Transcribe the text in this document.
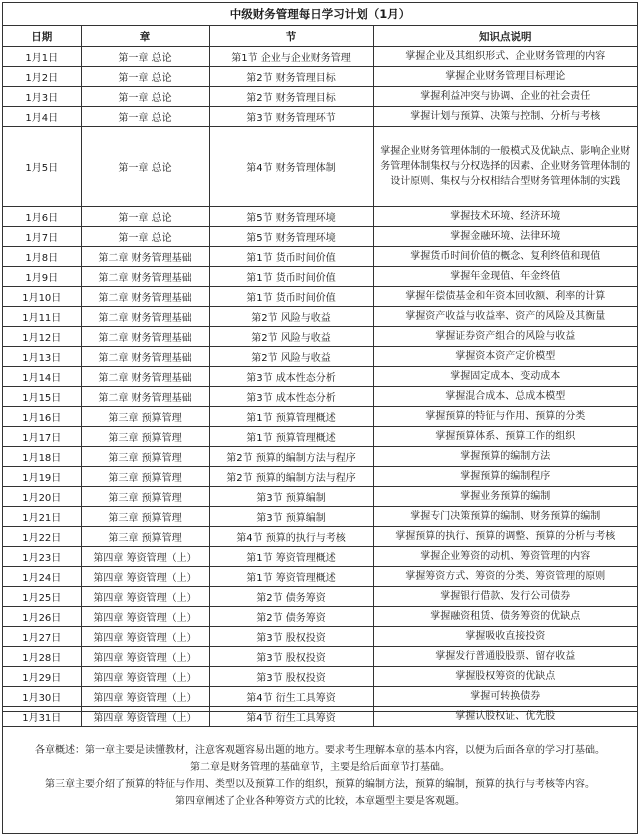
中级财务管理每日学习计划（1月）
日期	章	节	知识点说明
1月1日	第一章 总论	第1节 企业与企业财务管理	掌握企业及其组织形式、企业财务管理的内容
1月2日	第一章 总论	第2节 财务管理目标	掌握企业财务管理目标理论
1月3日	第一章 总论	第2节 财务管理目标	掌握利益冲突与协调、企业的社会责任
1月4日	第一章 总论	第3节 财务管理环节	掌握计划与预算、决策与控制、分析与考核
1月5日	第一章 总论	第4节 财务管理体制	掌握企业财务管理体制的一般模式及优缺点、影响企业财务管理体制集权与分权选择的因素、企业财务管理体制的设计原则、集权与分权相结合型财务管理体制的实践
1月6日	第一章 总论	第5节 财务管理环境	掌握技术环境、经济环境
1月7日	第一章 总论	第5节 财务管理环境	掌握金融环境、法律环境
1月8日	第二章 财务管理基础	第1节 货币时间价值	掌握货币时间价值的概念、复利终值和现值
1月9日	第二章 财务管理基础	第1节 货币时间价值	掌握年金现值、年金终值
1月10日	第二章 财务管理基础	第1节 货币时间价值	掌握年偿债基金和年资本回收额、利率的计算
1月11日	第二章 财务管理基础	第2节 风险与收益	掌握资产收益与收益率、资产的风险及其衡量
1月12日	第二章 财务管理基础	第2节 风险与收益	掌握证券资产组合的风险与收益
1月13日	第二章 财务管理基础	第2节 风险与收益	掌握资本资产定价模型
1月14日	第二章 财务管理基础	第3节 成本性态分析	掌握固定成本、变动成本
1月15日	第二章 财务管理基础	第3节 成本性态分析	掌握混合成本、总成本模型
1月16日	第三章 预算管理	第1节 预算管理概述	掌握预算的特征与作用、预算的分类
1月17日	第三章 预算管理	第1节 预算管理概述	掌握预算体系、预算工作的组织
1月18日	第三章 预算管理	第2节 预算的编制方法与程序	掌握预算的编制方法
1月19日	第三章 预算管理	第2节 预算的编制方法与程序	掌握预算的编制程序
1月20日	第三章 预算管理	第3节 预算编制	掌握业务预算的编制
1月21日	第三章 预算管理	第3节 预算编制	掌握专门决策预算的编制、财务预算的编制
1月22日	第三章 预算管理	第4节 预算的执行与考核	掌握预算的执行、预算的调整、预算的分析与考核
1月23日	第四章 筹资管理（上）	第1节 筹资管理概述	掌握企业筹资的动机、筹资管理的内容
1月24日	第四章 筹资管理（上）	第1节 筹资管理概述	掌握筹资方式、筹资的分类、筹资管理的原则
1月25日	第四章 筹资管理（上）	第2节 债务筹资	掌握银行借款、发行公司债券
1月26日	第四章 筹资管理（上）	第2节 债务筹资	掌握融资租赁、债务筹资的优缺点
1月27日	第四章 筹资管理（上）	第3节 股权投资	掌握吸收直接投资
1月28日	第四章 筹资管理（上）	第3节 股权投资	掌握发行普通股股票、留存收益
1月29日	第四章 筹资管理（上）	第3节 股权投资	掌握股权筹资的优缺点
1月30日	第四章 筹资管理（上）	第4节 衍生工具筹资	掌握可转换债券
1月31日	第四章 筹资管理（上）	第4节 衍生工具筹资	掌握认股权证、优先股
各章概述：第一章主要是读懂教材，注意客观题容易出题的地方。要求考生理解本章的基本内容，以便为后面各章的学习打基础。
第二章是财务管理的基础章节，主要是给后面章节打基础。
第三章主要介绍了预算的特征与作用、类型以及预算工作的组织，预算的编制方法，预算的编制，预算的执行与考核等内容。
第四章阐述了企业各种筹资方式的比较，本章题型主要是客观题。
